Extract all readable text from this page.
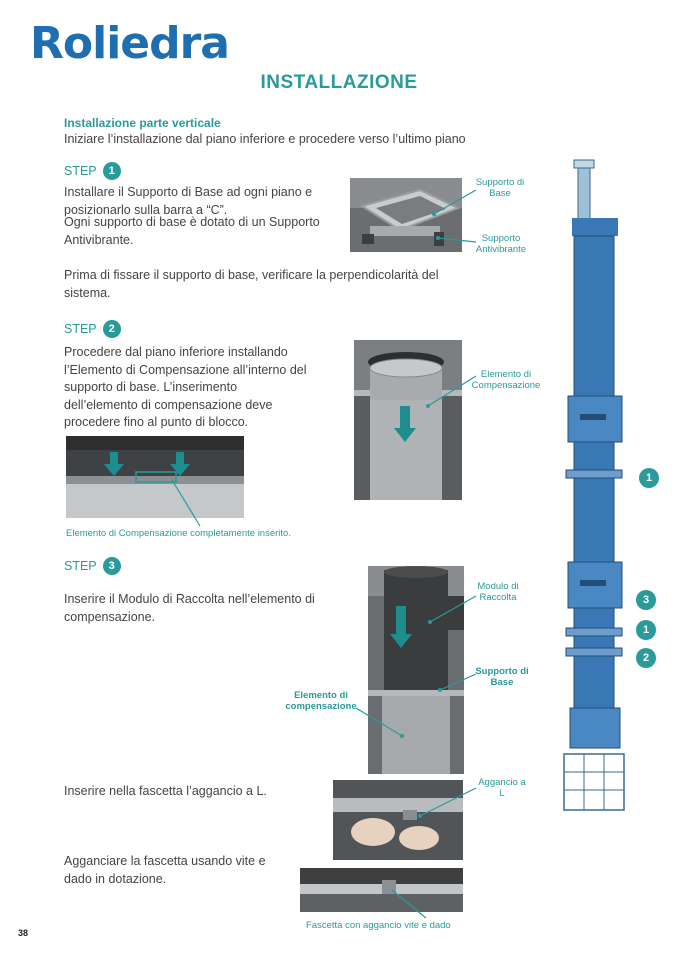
Roliedra
INSTALLAZIONE
Installazione parte verticale
Iniziare l’installazione dal piano inferiore e procedere verso l’ultimo piano
STEP	1
Installare il Supporto di Base ad ogni piano e posizionarlo sulla barra a “C”.
Ogni supporto di base è dotato di un Supporto Antivibrante.
Prima di fissare il supporto di base, verificare la perpendicolarità del sistema.
Supporto di Base
Supporto Antivibrante
STEP	2
Procedere dal piano inferiore installando l’Elemento di Compensazione all’interno del supporto di base. L’inserimento dell’elemento di compensazione deve procedere fino al punto di blocco.
Elemento di Compensazione
Elemento di Compensazione completamente inserito.
STEP	3
Inserire il Modulo di Raccolta nell’elemento di compensazione.
Modulo di Raccolta
Supporto di Base
Elemento di compensazione
Inserire nella fascetta l’aggancio a L.
Aggancio a L
Agganciare la fascetta usando vite e dado in dotazione.
Fascetta con aggancio vite e dado
1
3
1
2
38
